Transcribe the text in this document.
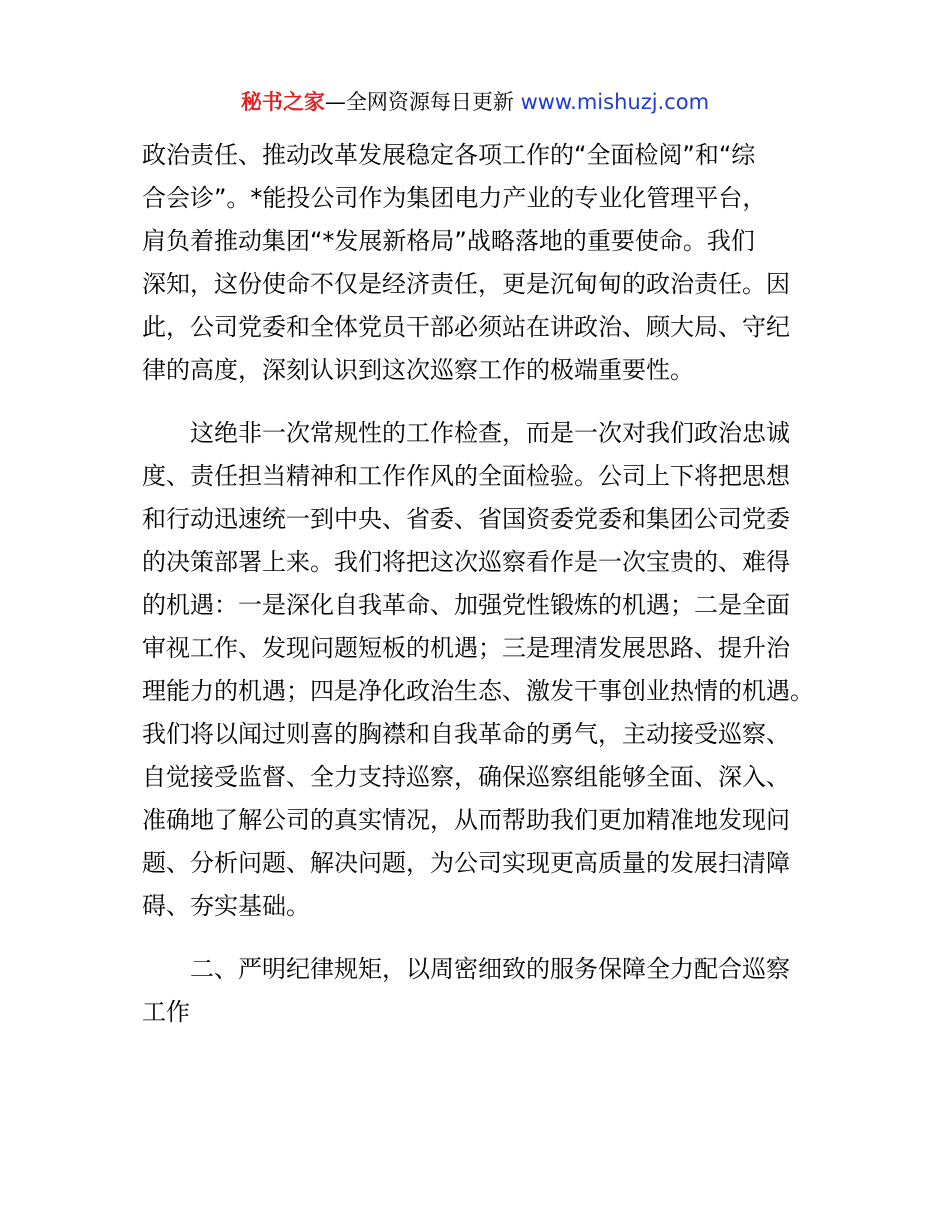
秘书之家—全网资源每日更新 www.mishuzj.com
政治责任、推动改革发展稳定各项工作的“全面检阅”和“综
合会诊”。*能投公司作为集团电力产业的专业化管理平台，
肩负着推动集团“*发展新格局”战略落地的重要使命。我们
深知，这份使命不仅是经济责任，更是沉甸甸的政治责任。因
此，公司党委和全体党员干部必须站在讲政治、顾大局、守纪
律的高度，深刻认识到这次巡察工作的极端重要性。
这绝非一次常规性的工作检查，而是一次对我们政治忠诚
度、责任担当精神和工作作风的全面检验。公司上下将把思想
和行动迅速统一到中央、省委、省国资委党委和集团公司党委
的决策部署上来。我们将把这次巡察看作是一次宝贵的、难得
的机遇：一是深化自我革命、加强党性锻炼的机遇；二是全面
审视工作、发现问题短板的机遇；三是理清发展思路、提升治
理能力的机遇；四是净化政治生态、激发干事创业热情的机遇。
我们将以闻过则喜的胸襟和自我革命的勇气，主动接受巡察、
自觉接受监督、全力支持巡察，确保巡察组能够全面、深入、
准确地了解公司的真实情况，从而帮助我们更加精准地发现问
题、分析问题、解决问题，为公司实现更高质量的发展扫清障
碍、夯实基础。
二、严明纪律规矩，以周密细致的服务保障全力配合巡察
工作
